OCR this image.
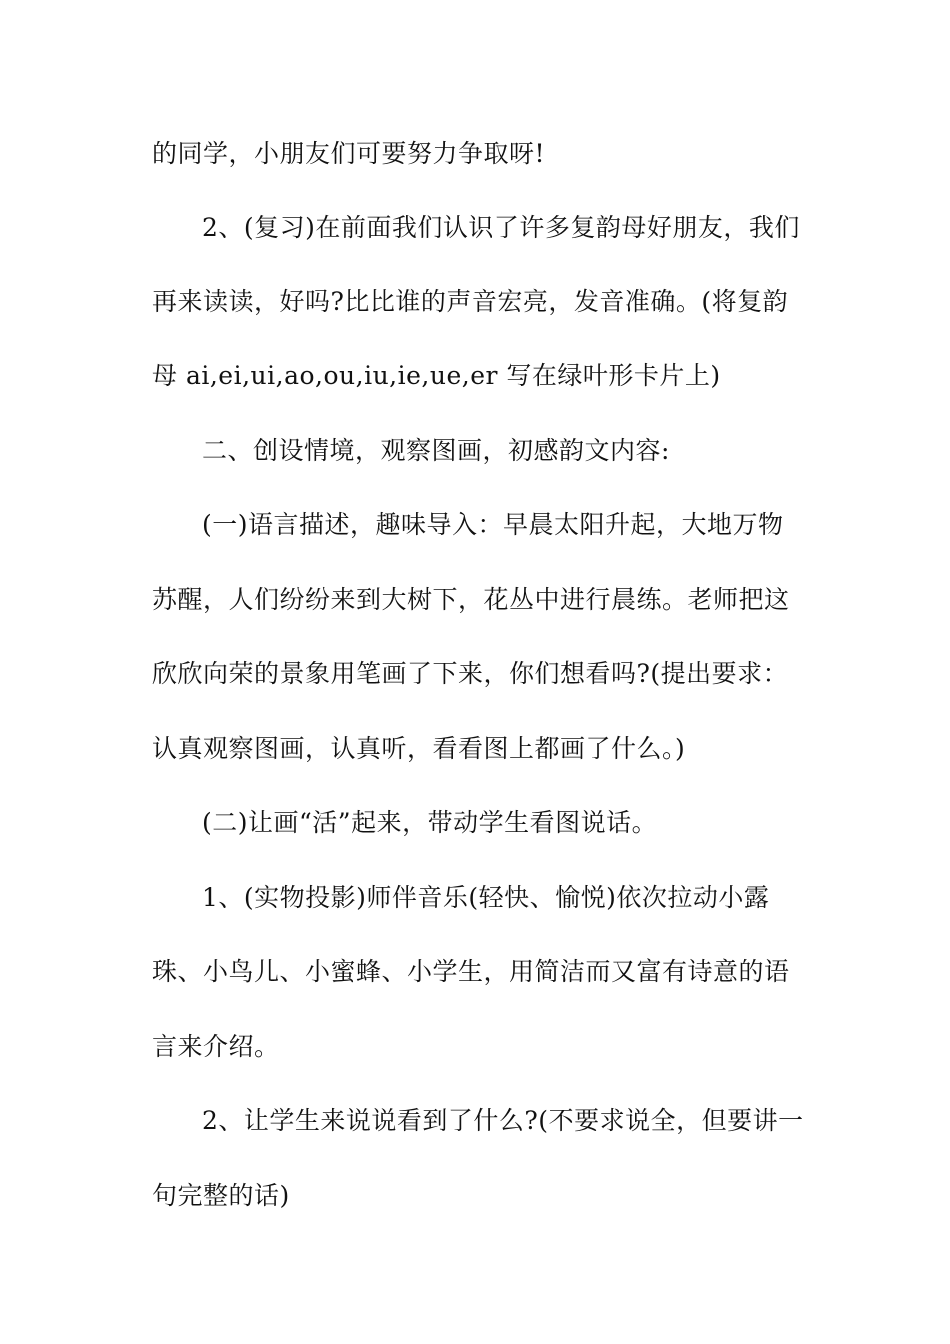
的同学，小朋友们可要努力争取呀!
2、(复习)在前面我们认识了许多复韵母好朋友，我们
再来读读，好吗?比比谁的声音宏亮，发音准确。(将复韵
母 ai,ei,ui,ao,ou,iu,ie,ue,er 写在绿叶形卡片上)
二、创设情境，观察图画，初感韵文内容:
(一)语言描述，趣味导入：早晨太阳升起，大地万物
苏醒，人们纷纷来到大树下，花丛中进行晨练。老师把这
欣欣向荣的景象用笔画了下来，你们想看吗?(提出要求：
认真观察图画，认真听，看看图上都画了什么。)
(二)让画“活”起来，带动学生看图说话。
1、(实物投影)师伴音乐(轻快、愉悦)依次拉动小露
珠、小鸟儿、小蜜蜂、小学生，用简洁而又富有诗意的语
言来介绍。
2、让学生来说说看到了什么?(不要求说全，但要讲一
句完整的话)
